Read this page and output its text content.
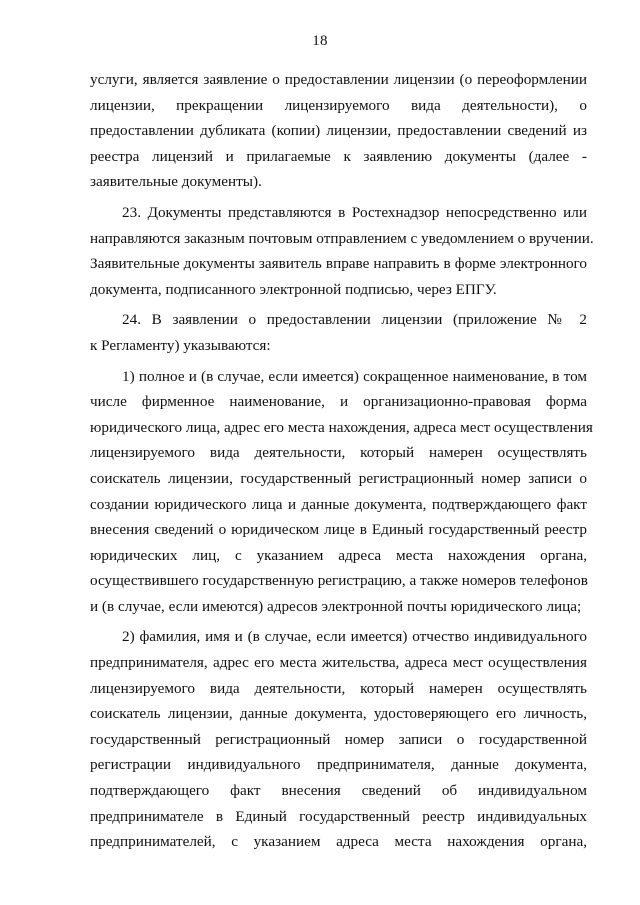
18
услуги, является заявление о предоставлении лицензии (о переоформлении
лицензии, прекращении лицензируемого вида деятельности), о
предоставлении дубликата (копии) лицензии, предоставлении сведений из
реестра лицензий и прилагаемые к заявлению документы (далее -
заявительные документы).
23. Документы представляются в Ростехнадзор непосредственно или
направляются заказным почтовым отправлением с уведомлением о вручении.
Заявительные документы заявитель вправе направить в форме электронного
документа, подписанного электронной подписью, через ЕПГУ.
24. В заявлении о предоставлении лицензии (приложение № 2
к Регламенту) указываются:
1) полное и (в случае, если имеется) сокращенное наименование, в том
числе фирменное наименование, и организационно-правовая форма
юридического лица, адрес его места нахождения, адреса мест осуществления
лицензируемого вида деятельности, который намерен осуществлять
соискатель лицензии, государственный регистрационный номер записи о
создании юридического лица и данные документа, подтверждающего факт
внесения сведений о юридическом лице в Единый государственный реестр
юридических лиц, с указанием адреса места нахождения органа,
осуществившего государственную регистрацию, а также номеров телефонов
и (в случае, если имеются) адресов электронной почты юридического лица;
2) фамилия, имя и (в случае, если имеется) отчество индивидуального
предпринимателя, адрес его места жительства, адреса мест осуществления
лицензируемого вида деятельности, который намерен осуществлять
соискатель лицензии, данные документа, удостоверяющего его личность,
государственный регистрационный номер записи о государственной
регистрации индивидуального предпринимателя, данные документа,
подтверждающего факт внесения сведений об индивидуальном
предпринимателе в Единый государственный реестр индивидуальных
предпринимателей, с указанием адреса места нахождения органа,
